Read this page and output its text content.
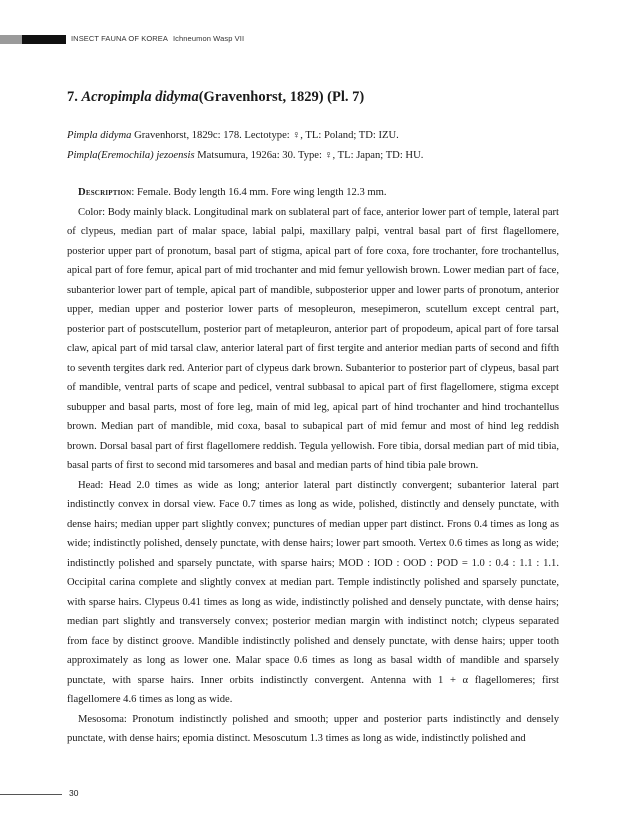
INSECT FAUNA OF KOREA Ichneumon Wasp VII
7. Acropimpla didyma(Gravenhorst, 1829) (Pl. 7)

Pimpla didyma Gravenhorst, 1829c: 178. Lectotype: ♀, TL: Poland; TD: IZU.

Pimpla(Eremochila) jezoensis Matsumura, 1926a: 30. Type: ♀, TL: Japan; TD: HU.

Description: Female. Body length 16.4 mm. Fore wing length 12.3 mm.

Color: Body mainly black. Longitudinal mark on sublateral part of face, anterior lower part of temple, lateral part of clypeus, median part of malar space, labial palpi, maxillary palpi, ventral basal part of first flagellomere, posterior upper part of pronotum, basal part of stigma, apical part of fore coxa, fore trochanter, fore trochantellus, apical part of fore femur, apical part of mid trochanter and mid femur yellowish brown. Lower median part of face, subanterior lower part of temple, apical part of mandible, subposterior upper and lower parts of pronotum, anterior upper, median upper and posterior lower parts of mesopleuron, mesepimeron, scutellum except central part, posterior part of postscutellum, posterior part of metapleuron, anterior part of propodeum, apical part of fore tarsal claw, apical part of mid tarsal claw, anterior lateral part of first tergite and anterior median parts of second and fifth to seventh tergites dark red. Anterior part of clypeus dark brown. Subanterior to posterior part of clypeus, basal part of mandible, ventral parts of scape and pedicel, ventral subbasal to apical part of first flagellomere, stigma except subupper and basal parts, most of fore leg, main of mid leg, apical part of hind trochanter and hind trochantellus brown. Median part of mandible, mid coxa, basal to subapical part of mid femur and most of hind leg reddish brown. Dorsal basal part of first flagellomere reddish. Tegula yellowish. Fore tibia, dorsal median part of mid tibia, basal parts of first to second mid tarsomeres and basal and median parts of hind tibia pale brown.

Head: Head 2.0 times as wide as long; anterior lateral part distinctly convergent; subanterior lateral part indistinctly convex in dorsal view. Face 0.7 times as long as wide, polished, distinctly and densely punctate, with dense hairs; median upper part slightly convex; punctures of median upper part distinct. Frons 0.4 times as long as wide; indistinctly polished, densely punctate, with dense hairs; lower part smooth. Vertex 0.6 times as long as wide; indistinctly polished and sparsely punctate, with sparse hairs; MOD : IOD : OOD : POD = 1.0 : 0.4 : 1.1 : 1.1. Occipital carina complete and slightly convex at median part. Temple indistinctly polished and sparsely punctate, with sparse hairs. Clypeus 0.41 times as long as wide, indistinctly polished and densely punctate, with dense hairs; median part slightly and transversely convex; posterior median margin with indistinct notch; clypeus separated from face by distinct groove. Mandible indistinctly polished and densely punctate, with dense hairs; upper tooth approximately as long as lower one. Malar space 0.6 times as long as basal width of mandible and sparsely punctate, with sparse hairs. Inner orbits indistinctly convergent. Antenna with 1 + α flagellomeres; first flagellomere 4.6 times as long as wide.

Mesosoma: Pronotum indistinctly polished and smooth; upper and posterior parts indistinctly and densely punctate, with dense hairs; epomia distinct. Mesoscutum 1.3 times as long as wide, indistinctly polished and

30
